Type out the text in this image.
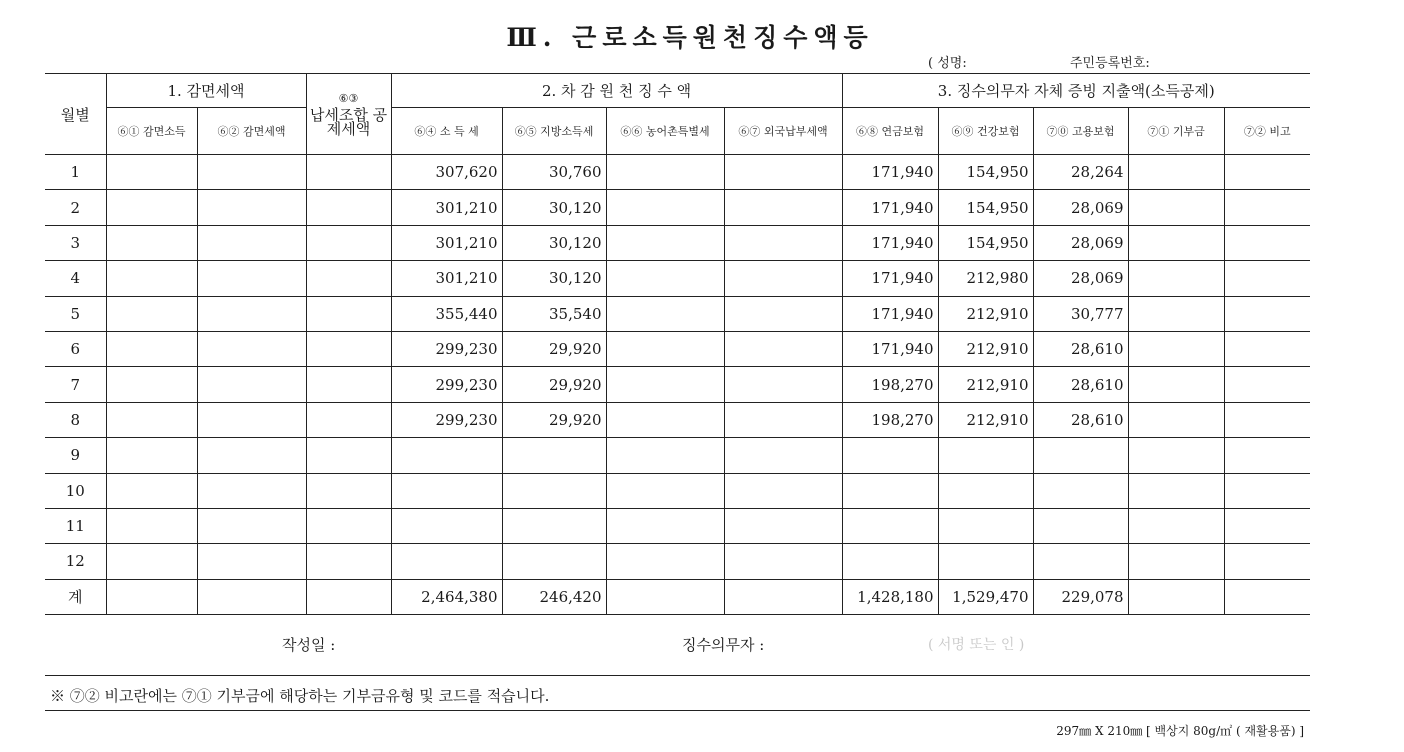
Ⅲ. 근로소득원천징수액등
( 성명:	주민등록번호:
월별	1. 감면세액		⑥③
납세조합 공제세액	2. 차 감 원 천 징 수 액				3. 징수의무자 자체 증빙 지출액(소득공제)				
	⑥① 감면소득	⑥② 감면세액		⑥④ 소 득 세	⑥⑤ 지방소득세	⑥⑥ 농어촌특별세	⑥⑦ 외국납부세액	⑥⑧ 연금보험	⑥⑨ 건강보험	⑦⓪ 고용보험	⑦① 기부금	⑦② 비고
1				307,620	30,760			171,940	154,950	28,264		
2				301,210	30,120			171,940	154,950	28,069		
3				301,210	30,120			171,940	154,950	28,069		
4				301,210	30,120			171,940	212,980	28,069		
5				355,440	35,540			171,940	212,910	30,777		
6				299,230	29,920			171,940	212,910	28,610		
7				299,230	29,920			198,270	212,910	28,610		
8				299,230	29,920			198,270	212,910	28,610		
9												
10												
11												
12												
계				2,464,380	246,420			1,428,180	1,529,470	229,078		
작성일 :	징수의무자 :	( 서명 또는 인 )
※ ⑦② 비고란에는 ⑦① 기부금에 해당하는 기부금유형 및 코드를 적습니다.
297㎜ X 210㎜ [ 백상지 80g/㎡ ( 재활용품) ]
